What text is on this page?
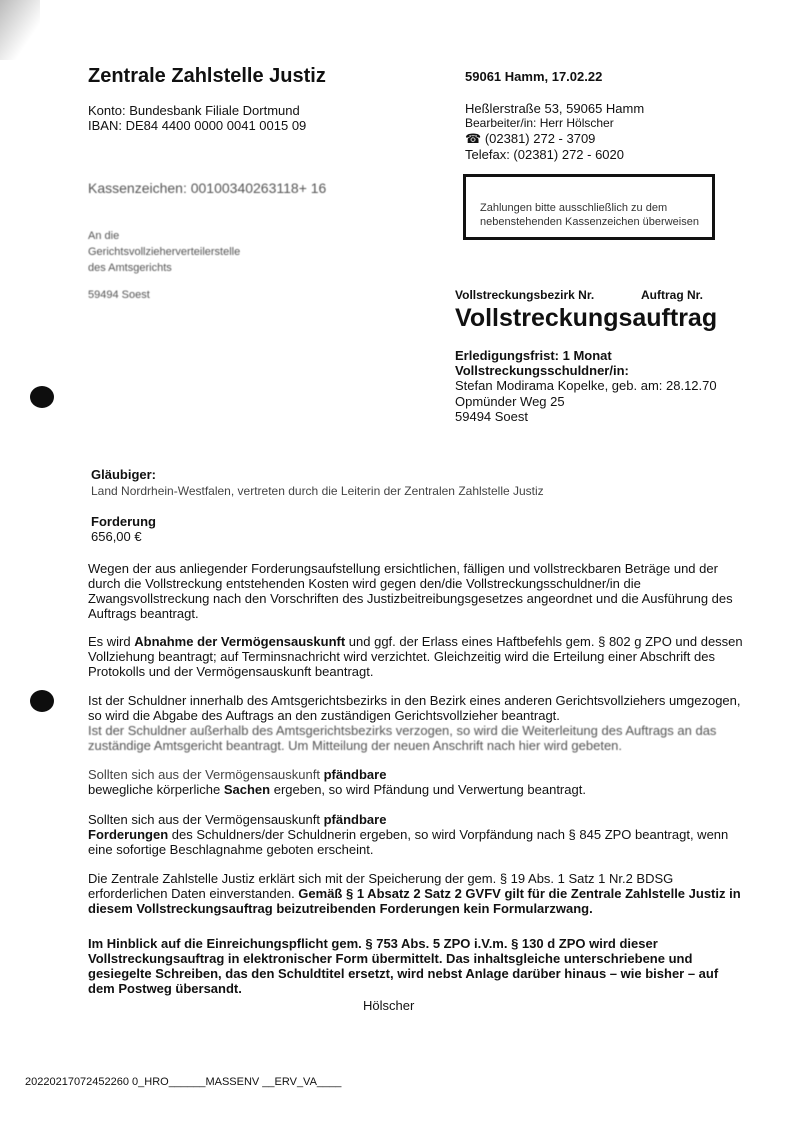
Zentrale Zahlstelle Justiz
Konto: Bundesbank Filiale Dortmund
IBAN: DE84 4400 0000 0041 0015 09
59061 Hamm, 17.02.22
Heßlerstraße 53, 59065 Hamm
Bearbeiter/in: Herr Hölscher
☎ (02381) 272 - 3709
Telefax: (02381) 272 - 6020
Kassenzeichen: 00100340263118+ 16
Zahlungen bitte ausschließlich zu dem nebenstehenden Kassenzeichen überweisen
An die
Gerichtsvollzieherverteilerstelle
des Amtsgerichts
59494 Soest	Vollstreckungsbezirk Nr.	Auftrag Nr.
Vollstreckungsauftrag
Erledigungsfrist: 1 Monat
Vollstreckungsschuldner/in:
Stefan Modirama Kopelke, geb. am: 28.12.70
Opmünder Weg 25
59494 Soest
Gläubiger:
Land Nordrhein-Westfalen, vertreten durch die Leiterin der Zentralen Zahlstelle Justiz
Forderung
656,00 €

Wegen der aus anliegender Forderungsaufstellung ersichtlichen, fälligen und vollstreckbaren Beträge und der durch die Vollstreckung entstehenden Kosten wird gegen den/die Vollstreckungsschuldner/in die Zwangsvollstreckung nach den Vorschriften des Justizbeitreibungsgesetzes angeordnet und die Ausführung des Auftrags beantragt.

Es wird Abnahme der Vermögensauskunft und ggf. der Erlass eines Haftbefehls gem. § 802 g ZPO und dessen Vollziehung beantragt; auf Terminsnachricht wird verzichtet. Gleichzeitig wird die Erteilung einer Abschrift des Protokolls und der Vermögensauskunft beantragt.

Ist der Schuldner innerhalb des Amtsgerichtsbezirks in den Bezirk eines anderen Gerichtsvollziehers umgezogen, so wird die Abgabe des Auftrags an den zuständigen Gerichtsvollzieher beantragt.

Ist der Schuldner außerhalb des Amtsgerichtsbezirks verzogen, so wird die Weiterleitung des Auftrags an das zuständige Amtsgericht beantragt. Um Mitteilung der neuen Anschrift nach hier wird gebeten.

Sollten sich aus der Vermögensauskunft pfändbare
bewegliche körperliche Sachen ergeben, so wird Pfändung und Verwertung beantragt.

Sollten sich aus der Vermögensauskunft pfändbare
Forderungen des Schuldners/der Schuldnerin ergeben, so wird Vorpfändung nach § 845 ZPO beantragt, wenn eine sofortige Beschlagnahme geboten erscheint.

Die Zentrale Zahlstelle Justiz erklärt sich mit der Speicherung der gem. § 19 Abs. 1 Satz 1 Nr.2 BDSG erforderlichen Daten einverstanden. Gemäß § 1 Absatz 2 Satz 2 GVFV gilt für die Zentrale Zahlstelle Justiz in diesem Vollstreckungsauftrag beizutreibenden Forderungen kein Formularzwang.

Im Hinblick auf die Einreichungspflicht gem. § 753 Abs. 5 ZPO i.V.m. § 130 d ZPO wird dieser Vollstreckungsauftrag in elektronischer Form übermittelt. Das inhaltsgleiche unterschriebene und gesiegelte Schreiben, das den Schuldtitel ersetzt, wird nebst Anlage darüber hinaus – wie bisher – auf dem Postweg übersandt.

Hölscher
20220217072452260 0_HRO______MASSENV __ERV_VA____
